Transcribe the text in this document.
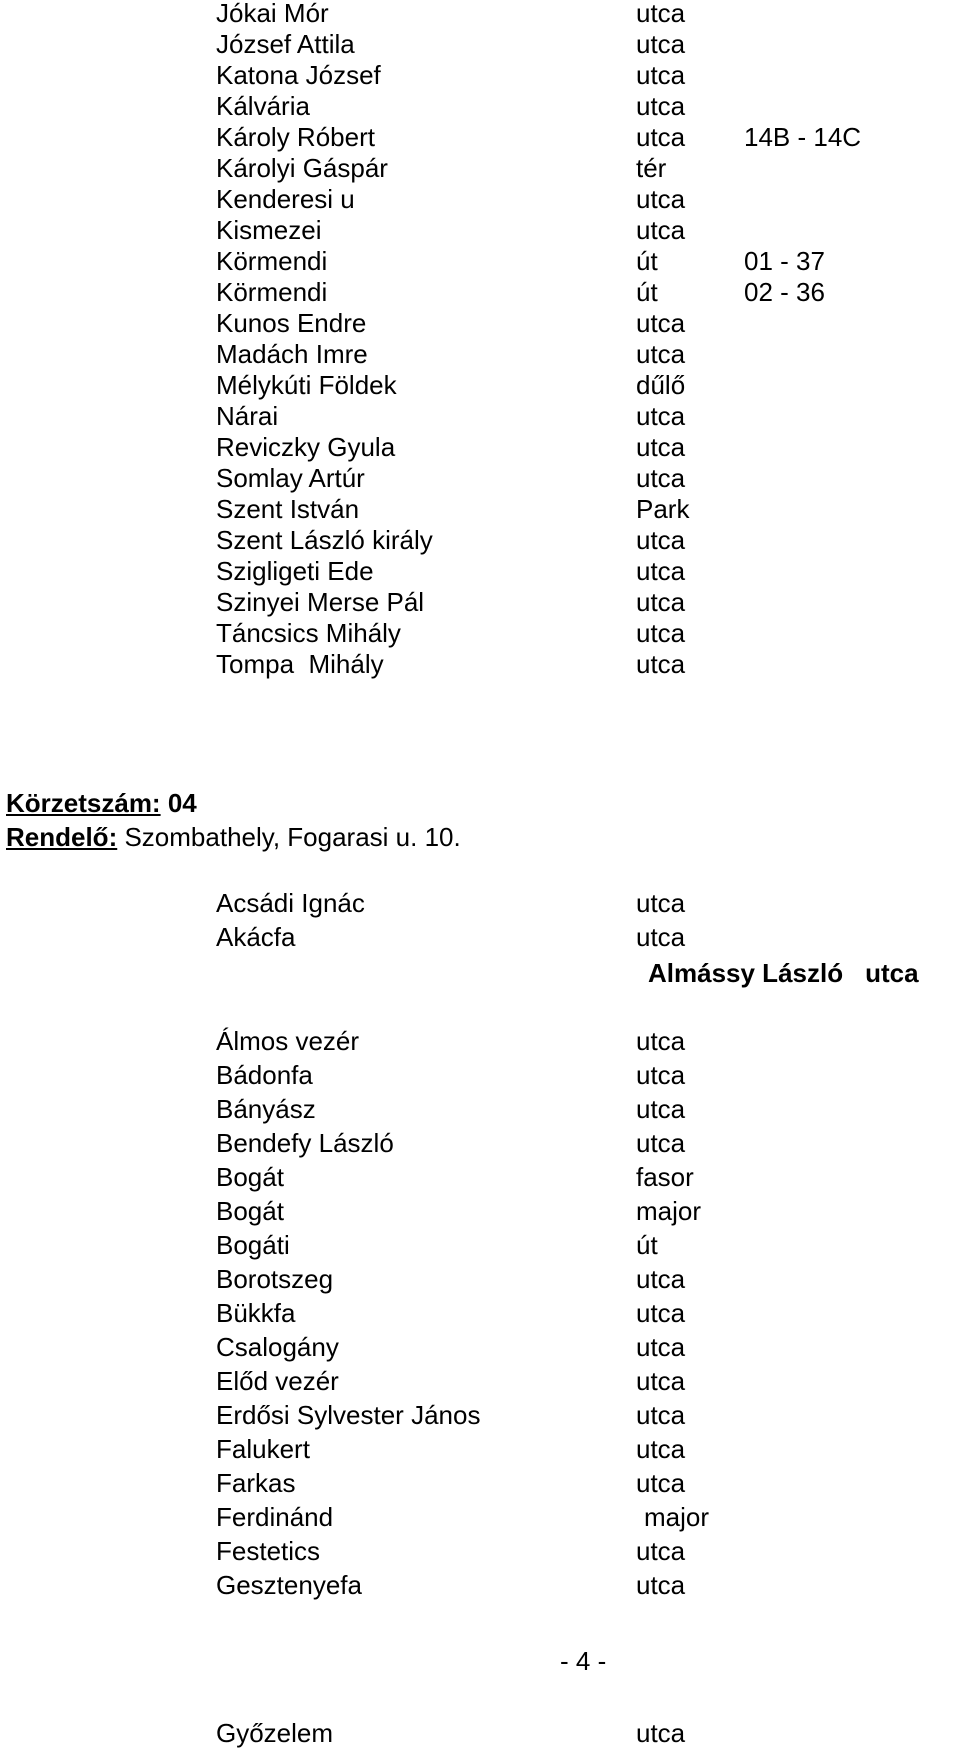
Jókai Mór	utca
József Attila	utca
Katona József	utca
Kálvária	utca
Károly Róbert	utca 14B - 14C
Károlyi Gáspár	tér
Kenderesi u	utca
Kismezei	utca
Körmendi	út	01 - 37
Körmendi	út	02 - 36
Kunos Endre	utca
Madách Imre	utca
Mélykúti Földek	dűlő
Nárai	utca
Reviczky Gyula	utca
Somlay Artúr	utca
Szent István	Park
Szent László király	utca
Szigligeti Ede	utca
Szinyei Merse Pál	utca
Táncsics Mihály	utca
Tompa  Mihály	utca
Körzetszám: 04
Rendelő: Szombathely, Fogarasi u. 10.
Acsádi Ignác	utca
Akácfa	utca
Almássy László utca
Álmos vezér	utca
Bádonfa	utca
Bányász	utca
Bendefy László	utca
Bogát	fasor
Bogát	major
Bogáti	út
Borotszeg	utca
Bükkfa	utca
Csalogány	utca
Előd vezér	utca
Erdősi Sylvester János	utca
Falukert	utca
Farkas	utca
Ferdinánd	major
Festetics	utca
Gesztenyefa	utca
- 4 -
Győzelem	utca
